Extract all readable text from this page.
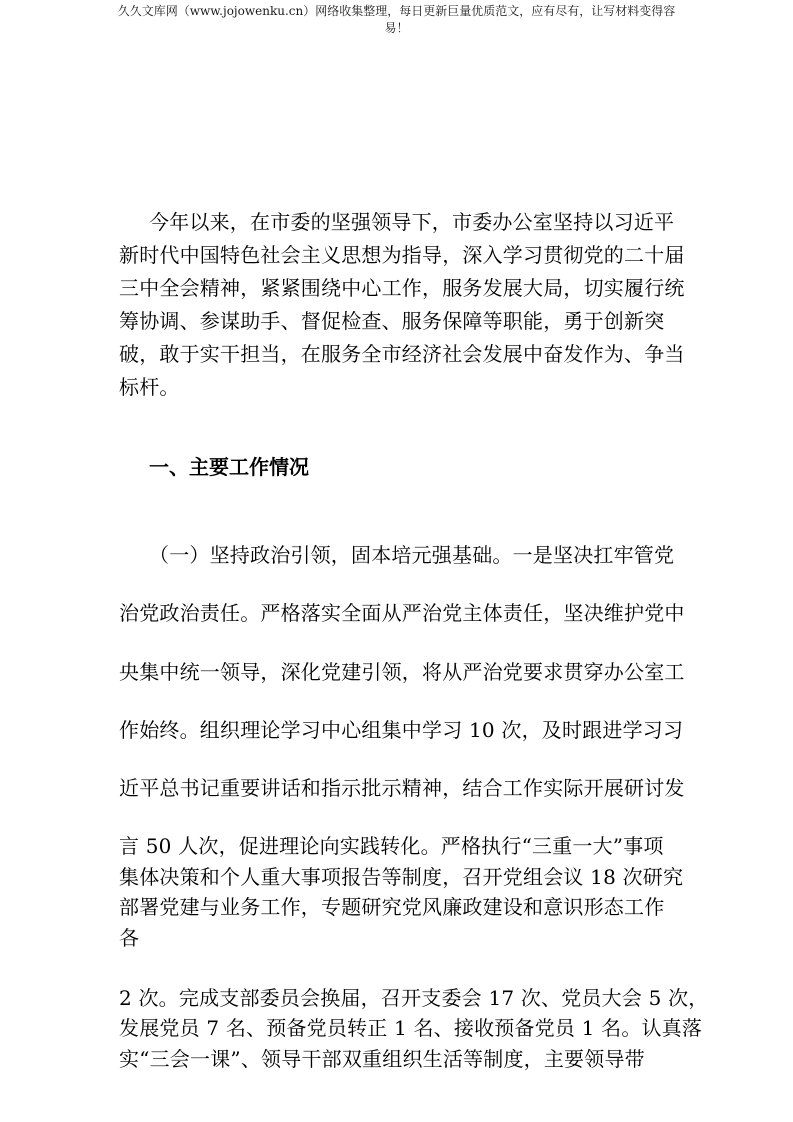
久久文库网（www.jojowenku.cn）网络收集整理，每日更新巨量优质范文，应有尽有，让写材料变得容
易！
今年以来，在市委的坚强领导下，市委办公室坚持以习近平
新时代中国特色社会主义思想为指导，深入学习贯彻党的二十届
三中全会精神，紧紧围绕中心工作，服务发展大局，切实履行统
筹协调、参谋助手、督促检查、服务保障等职能，勇于创新突
破，敢于实干担当，在服务全市经济社会发展中奋发作为、争当
标杆。
一、主要工作情况
（一）坚持政治引领，固本培元强基础。一是坚决扛牢管党
治党政治责任。严格落实全面从严治党主体责任，坚决维护党中
央集中统一领导，深化党建引领，将从严治党要求贯穿办公室工
作始终。组织理论学习中心组集中学习 10 次，及时跟进学习习
近平总书记重要讲话和指示批示精神，结合工作实际开展研讨发
言 50 人次，促进理论向实践转化。严格执行“三重一大”事项
集体决策和个人重大事项报告等制度，召开党组会议 18 次研究
部署党建与业务工作，专题研究党风廉政建设和意识形态工作
各
2 次。完成支部委员会换届，召开支委会 17 次、党员大会 5 次，
发展党员 7 名、预备党员转正 1 名、接收预备党员 1 名。认真落
实“三会一课”、领导干部双重组织生活等制度，主要领导带
